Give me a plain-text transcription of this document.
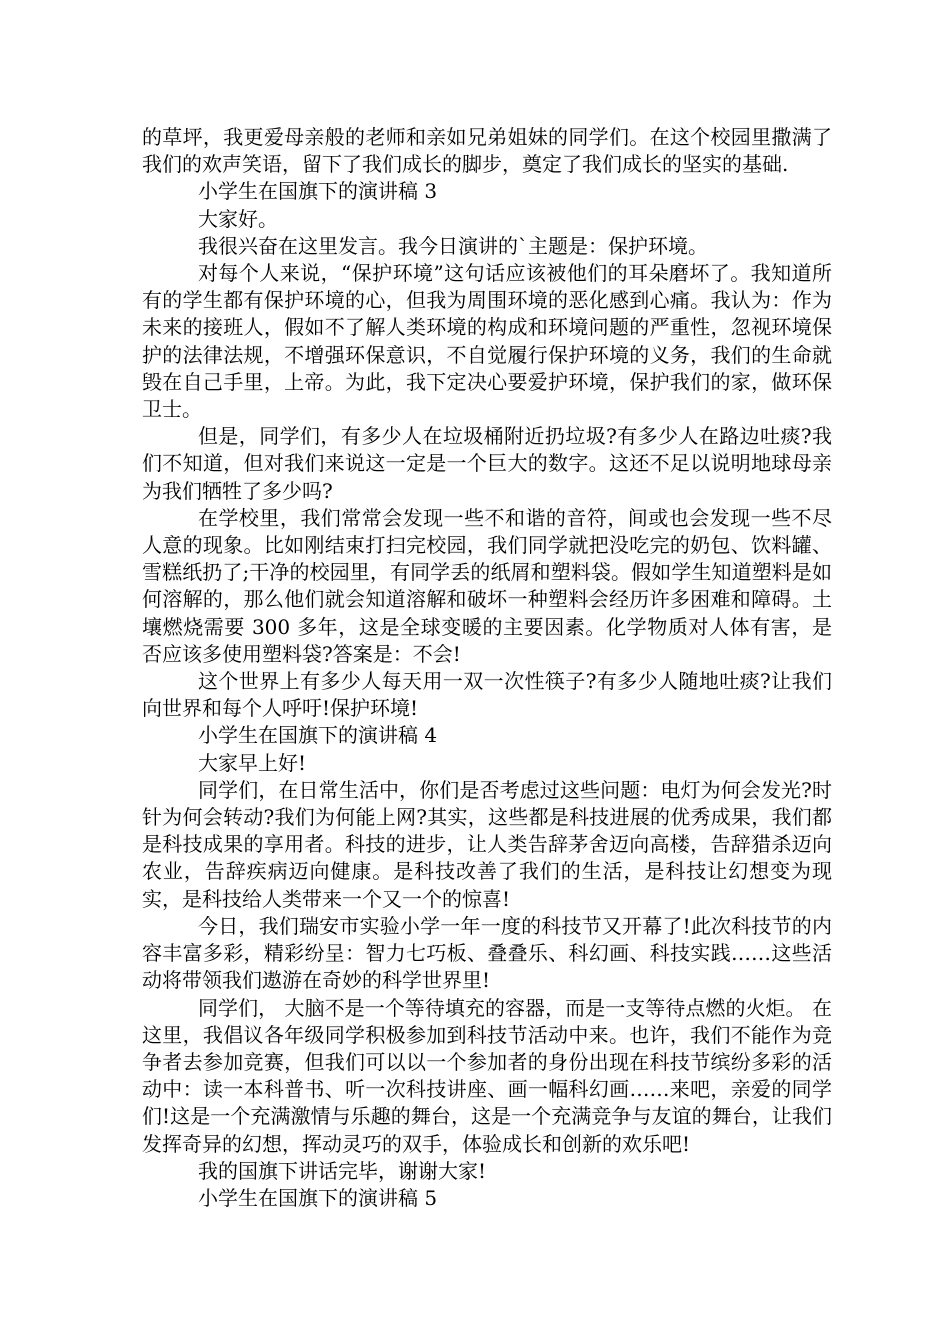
的草坪，我更爱母亲般的老师和亲如兄弟姐妹的同学们。在这个校园里撒满了我们的欢声笑语，留下了我们成长的脚步，奠定了我们成长的坚实的基础.

小学生在国旗下的演讲稿 3

大家好。

我很兴奋在这里发言。我今日演讲的`主题是：保护环境。

对每个人来说，“保护环境”这句话应该被他们的耳朵磨坏了。我知道所有的学生都有保护环境的心，但我为周围环境的恶化感到心痛。我认为：作为未来的接班人，假如不了解人类环境的构成和环境问题的严重性，忽视环境保护的法律法规，不增强环保意识，不自觉履行保护环境的义务，我们的生命就毁在自己手里，上帝。为此，我下定决心要爱护环境，保护我们的家，做环保卫士。

但是，同学们，有多少人在垃圾桶附近扔垃圾?有多少人在路边吐痰?我们不知道，但对我们来说这一定是一个巨大的数字。这还不足以说明地球母亲为我们牺牲了多少吗?

在学校里，我们常常会发现一些不和谐的音符，间或也会发现一些不尽人意的现象。比如刚结束打扫完校园，我们同学就把没吃完的奶包、饮料罐、雪糕纸扔了;干净的校园里，有同学丢的纸屑和塑料袋。假如学生知道塑料是如何溶解的，那么他们就会知道溶解和破坏一种塑料会经历许多困难和障碍。土壤燃烧需要 300 多年，这是全球变暖的主要因素。化学物质对人体有害，是否应该多使用塑料袋?答案是：不会!

这个世界上有多少人每天用一双一次性筷子?有多少人随地吐痰?让我们向世界和每个人呼吁!保护环境!

小学生在国旗下的演讲稿 4

大家早上好!

同学们，在日常生活中，你们是否考虑过这些问题：电灯为何会发光?时针为何会转动?我们为何能上网?其实，这些都是科技进展的优秀成果，我们都是科技成果的享用者。科技的进步，让人类告辞茅舍迈向高楼，告辞猎杀迈向农业，告辞疾病迈向健康。是科技改善了我们的生活，是科技让幻想变为现实，是科技给人类带来一个又一个的惊喜!

今日，我们瑞安市实验小学一年一度的科技节又开幕了!此次科技节的内容丰富多彩，精彩纷呈：智力七巧板、叠叠乐、科幻画、科技实践……这些活动将带领我们遨游在奇妙的科学世界里!

同学们， 大脑不是一个等待填充的容器，而是一支等待点燃的火炬。 在这里，我倡议各年级同学积极参加到科技节活动中来。也许，我们不能作为竞争者去参加竞赛，但我们可以以一个参加者的身份出现在科技节缤纷多彩的活动中：读一本科普书、听一次科技讲座、画一幅科幻画……来吧，亲爱的同学们!这是一个充满激情与乐趣的舞台，这是一个充满竞争与友谊的舞台，让我们发挥奇异的幻想，挥动灵巧的双手，体验成长和创新的欢乐吧!

我的国旗下讲话完毕，谢谢大家!

小学生在国旗下的演讲稿 5
